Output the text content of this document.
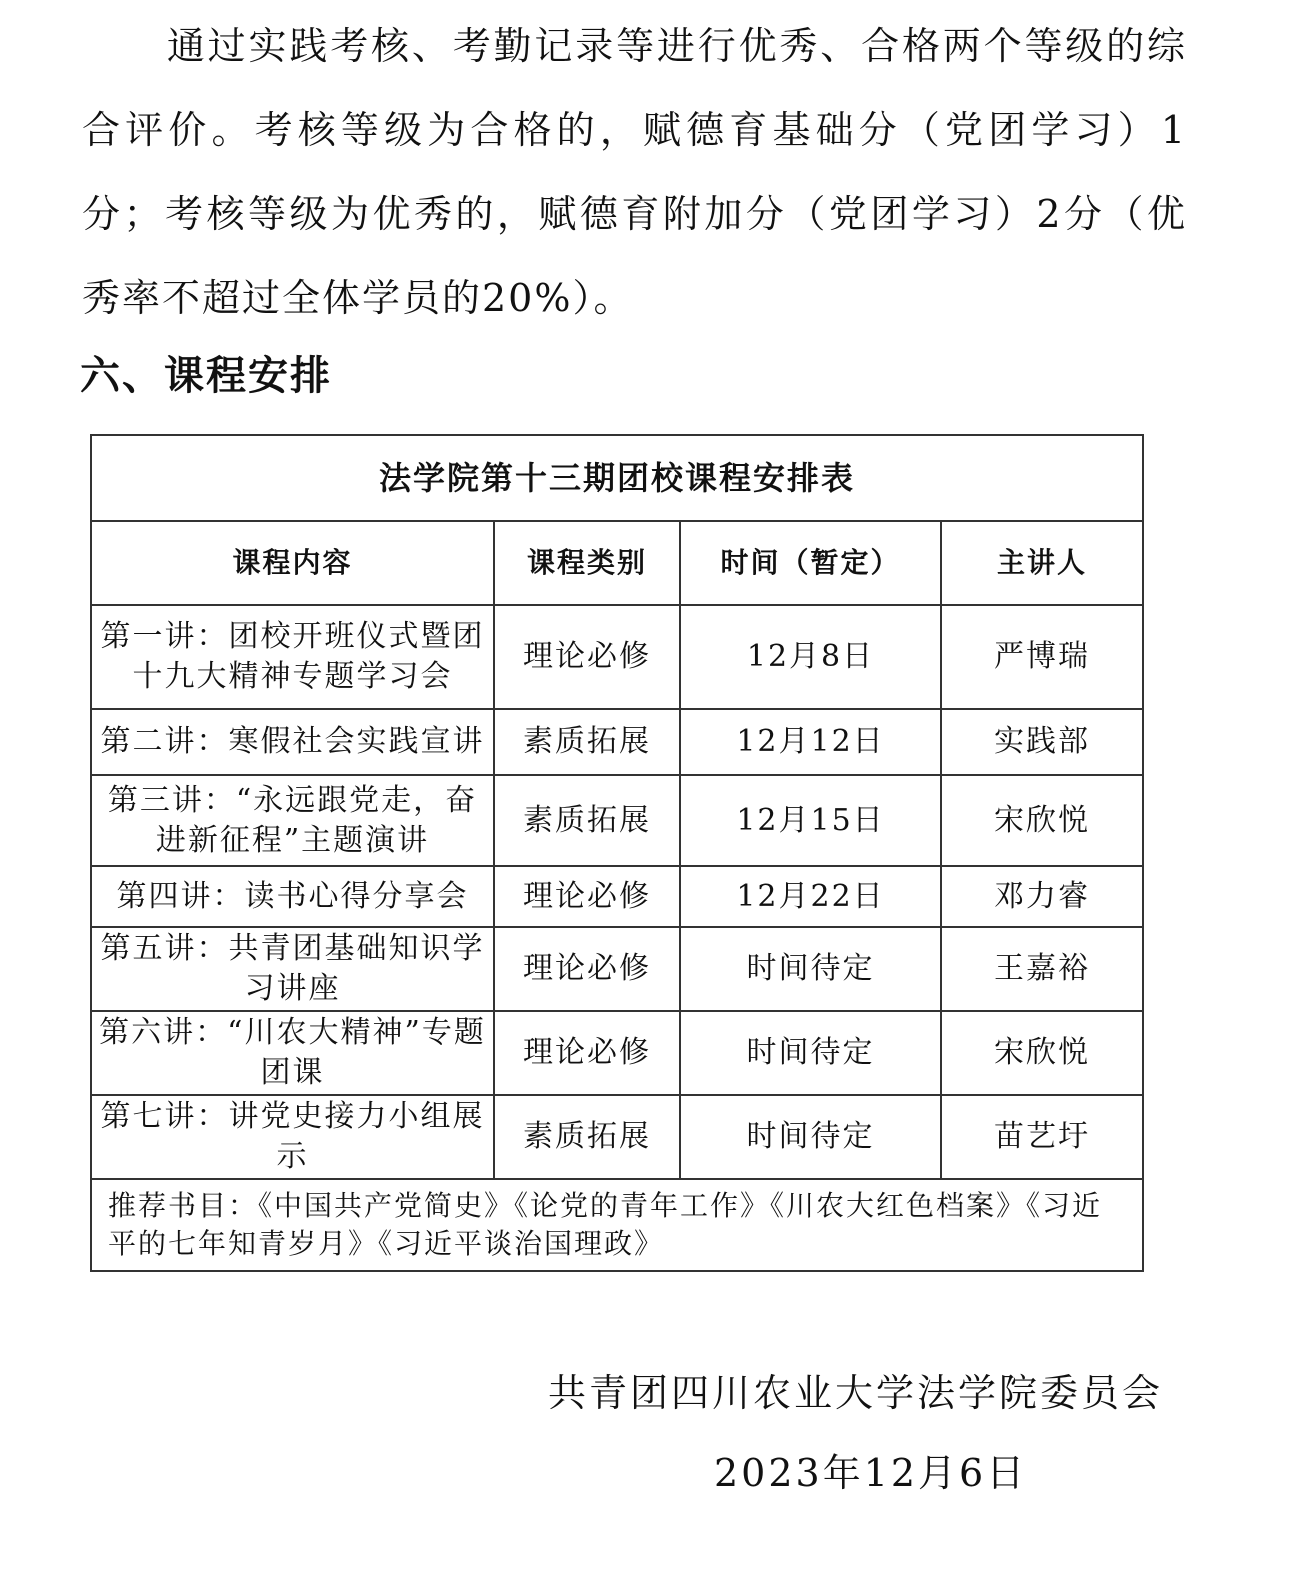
通过实践考核、考勤记录等进行优秀、合格两个等级的综合评价。考核等级为合格的，赋德育基础分（党团学习）1分；考核等级为优秀的，赋德育附加分（党团学习）2分（优秀率不超过全体学员的20%）。

六、课程安排
法学院第十三期团校课程安排表			
课程内容	课程类别	时间（暂定）	主讲人
第一讲：团校开班仪式暨团十九大精神专题学习会	理论必修	12月8日	严博瑞
第二讲：寒假社会实践宣讲	素质拓展	12月12日	实践部
第三讲：“永远跟党走，奋进新征程”主题演讲	素质拓展	12月15日	宋欣悦
第四讲：读书心得分享会	理论必修	12月22日	邓力睿
第五讲：共青团基础知识学习讲座	理论必修	时间待定	王嘉裕
第六讲：“川农大精神”专题团课	理论必修	时间待定	宋欣悦
第七讲：讲党史接力小组展示	素质拓展	时间待定	苗艺圩
推荐书目：《中国共产党简史》《论党的青年工作》《川农大红色档案》《习近平的七年知青岁月》《习近平谈治国理政》			

共青团四川农业大学法学院委员会

2023年12月6日
